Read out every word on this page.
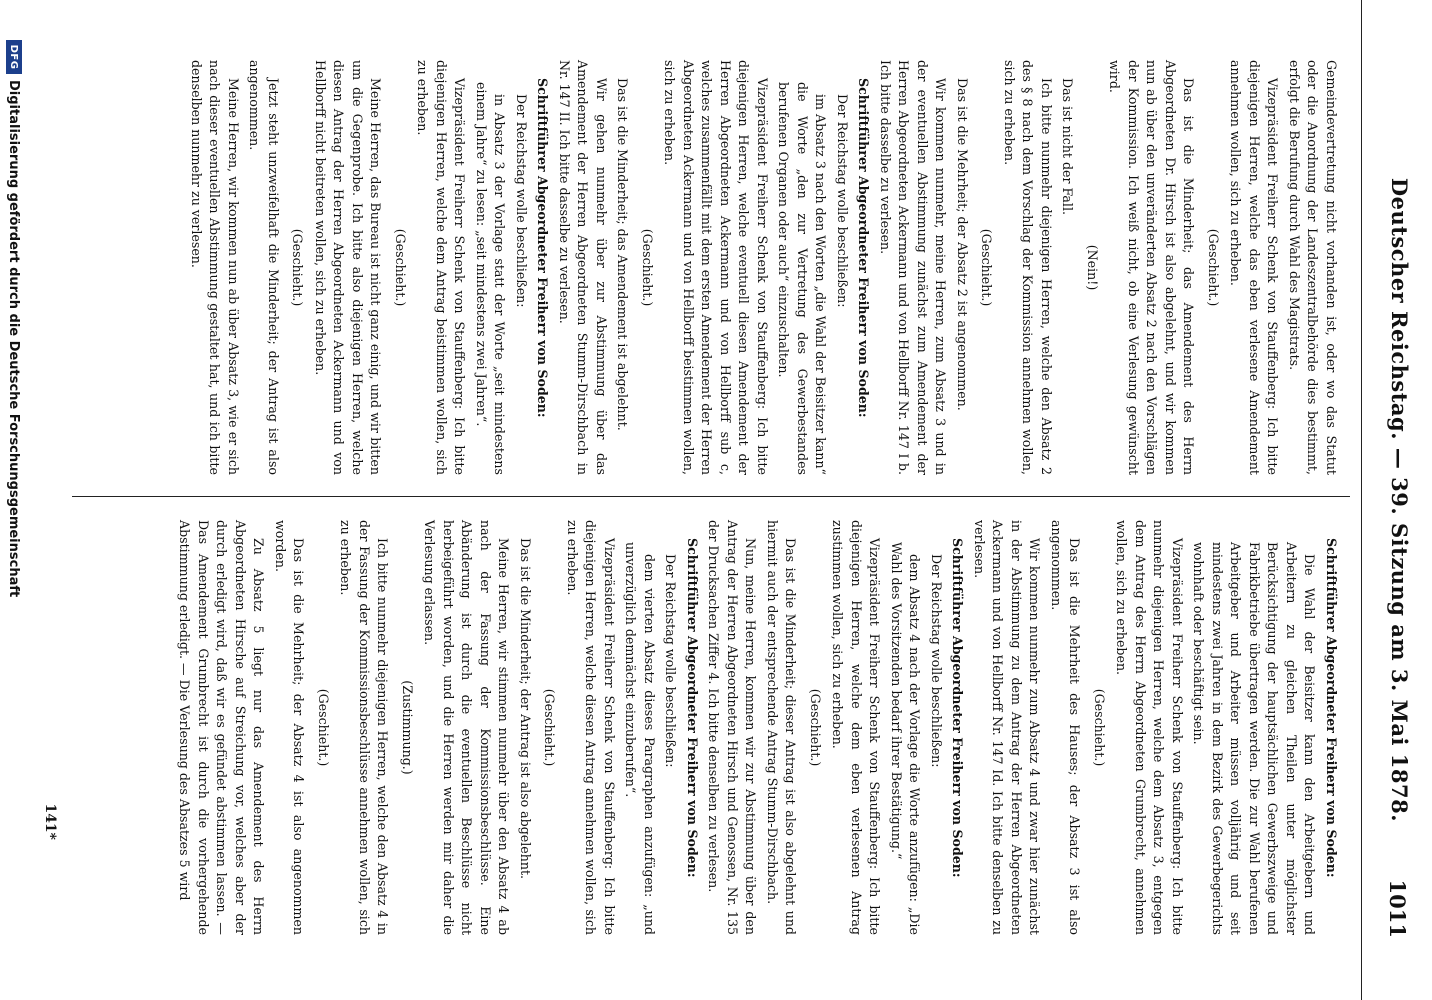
Deutscher Reichstag. — 39. Sitzung am 3. Mai 1878.
1011

Gemeindevertretung nicht vorhanden ist, oder wo das Statut oder die Anordnung der Landeszentralbehörde dies bestimmt, erfolgt die Berufung durch Wahl des Magistrats.

Vizepräsident Freiherr Schenk von Stauffenberg: Ich bitte diejenigen Herren, welche das eben verlesene Amendement annehmen wollen, sich zu erheben.

(Geschieht.)

Das ist die Minderheit; das Amendement des Herrn Abgeordneten Dr. Hirsch ist also abgelehnt, und wir kommen nun ab über den unveränderten Absatz 2 nach den Vorschlägen der Kommission. Ich weiß nicht, ob eine Verlesung gewünscht wird.

(Nein!)

Das ist nicht der Fall.

Ich bitte nunmehr diejenigen Herren, welche den Absatz 2 des § 8 nach dem Vorschlag der Kommission annehmen wollen, sich zu erheben.

(Geschieht.)

Das ist die Mehrheit; der Absatz 2 ist angenommen.

Wir kommen nunmehr, meine Herren, zum Absatz 3 und in der eventuellen Abstimmung zunächst zum Amendement der Herren Abgeordneten Ackermann und von Hellborff Nr. 147 I b. Ich bitte dasselbe zu verlesen.

Schriftführer Abgeordneter Freiherr von Soden:

Der Reichstag wolle beschließen:

im Absatz 3 nach den Worten „die Wahl der Beisitzer kann“ die Worte „den zur Vertretung des Gewerbestandes berufenen Organen oder auch“ einzuschalten.

Vizepräsident Freiherr Schenk von Stauffenberg: Ich bitte diejenigen Herren, welche eventuell diesen Amendement der Herren Abgeordneten Ackermann und von Hellborff sub c, welches zusammenfällt mit dem ersten Amendement der Herren Abgeordneten Ackermann und von Hellborff beistimmen wollen, sich zu erheben.

(Geschieht.)

Das ist die Minderheit; das Amendement ist abgelehnt.

Wir gehen nunmehr über zur Abstimmung über das Amendement der Herren Abgeordneten Stumm-Dirschbach in Nr. 147 II. Ich bitte dasselbe zu verlesen.

Schriftführer Abgeordneter Freiherr von Soden:

Der Reichstag wolle beschließen:

in Absatz 3 der Vorlage statt der Worte „seit mindestens einem Jahre“ zu lesen: „seit mindestens zwei Jahren“.

Vizepräsident Freiherr Schenk von Stauffenberg: Ich bitte diejenigen Herren, welche dem Antrag beistimmen wollen, sich zu erheben.

(Geschieht.)

Meine Herren, das Bureau ist nicht ganz einig, und wir bitten um die Gegenprobe. Ich bitte also diejenigen Herren, welche diesen Antrag der Herren Abgeordneten Ackermann und von Hellborff nicht beitreten wollen, sich zu erheben.

(Geschieht.)

Jetzt steht unzweifelhaft die Minderheit; der Antrag ist also angenommen.

Meine Herren, wir kommen nun ab über Absatz 3, wie er sich nach dieser eventuellen Abstimmung gestaltet hat, und ich bitte denselben nunmehr zu verlesen.

Schriftführer Abgeordneter Freiherr von Soden:

Die Wahl der Beisitzer kann den Arbeitgebern und Arbeitern zu gleichen Theilen unter möglichster Berücksichtigung der hauptsächlichen Gewerbszweige und Fabrikbetriebe übertragen werden. Die zur Wahl berufenen Arbeitgeber und Arbeiter müssen volljährig und seit mindestens zwei Jahren in dem Bezirk des Gewerbegerichts wohnhaft oder beschäftigt sein.

Vizepräsident Freiherr Schenk von Stauffenberg: Ich bitte nunmehr diejenigen Herren, welche dem Absatz 3, entgegen dem Antrag des Herrn Abgeordneten Grumbrecht, annehmen wollen, sich zu erheben.

(Geschieht.)

Das ist die Mehrheit des Hauses; der Absatz 3 ist also angenommen.

Wir kommen nunmehr zum Absatz 4 und zwar hier zunächst in der Abstimmung zu dem Antrag der Herren Abgeordneten Ackermann und von Hellborff Nr. 147 Id. Ich bitte denselben zu verlesen.

Schriftführer Abgeordneter Freiherr von Soden:

Der Reichstag wolle beschließen:

dem Absatz 4 nach der Vorlage die Worte anzufügen: „Die Wahl des Vorsitzenden bedarf ihrer Bestätigung.“

Vizepräsident Freiherr Schenk von Stauffenberg: Ich bitte diejenigen Herren, welche dem eben verlesenen Antrag zustimmen wollen, sich zu erheben.

(Geschieht.)

Das ist die Minderheit; dieser Antrag ist also abgelehnt und hiermit auch der entsprechende Antrag Stumm-Dirschbach.

Nun, meine Herren, kommen wir zur Abstimmung über den Antrag der Herren Abgeordneten Hirsch und Genossen, Nr. 135 der Drucksachen Ziffer 4. Ich bitte denselben zu verlesen.

Schriftführer Abgeordneter Freiherr von Soden:

Der Reichstag wolle beschließen:

dem vierten Absatz dieses Paragraphen anzufügen: „und unverzüglich demnächst einzuberufen“.

Vizepräsident Freiherr Schenk von Stauffenberg: Ich bitte diejenigen Herren, welche diesen Antrag annehmen wollen, sich zu erheben.

(Geschieht.)

Das ist die Minderheit; der Antrag ist also abgelehnt.

Meine Herren, wir stimmen nunmehr über den Absatz 4 ab nach der Fassung der Kommissionsbeschlüsse. Eine Abänderung ist durch die eventuellen Beschlüsse nicht herbeigeführt worden, und die Herren werden mir daher die Verlesung erlassen.

(Zustimmung.)

Ich bitte nunmehr diejenigen Herren, welche den Absatz 4 in der Fassung der Kommissionsbeschlüsse annehmen wollen, sich zu erheben.

(Geschieht.)

Das ist die Mehrheit; der Absatz 4 ist also angenommen worden.

Zu Absatz 5 liegt nur das Amendement des Herrn Abgeordneten Hirsche auf Streichung vor, welches aber der durch erledigt wird, daß wir es gefündet abstimmen lassen. — Das Amendement Grumbrecht ist durch die vorhergehende Abstimmung erledigt. — Die Verlesung des Absatzes 5 wird

141*
DFG
Digitalisierung gefördert durch die Deutsche Forschungsgemeinschaft
